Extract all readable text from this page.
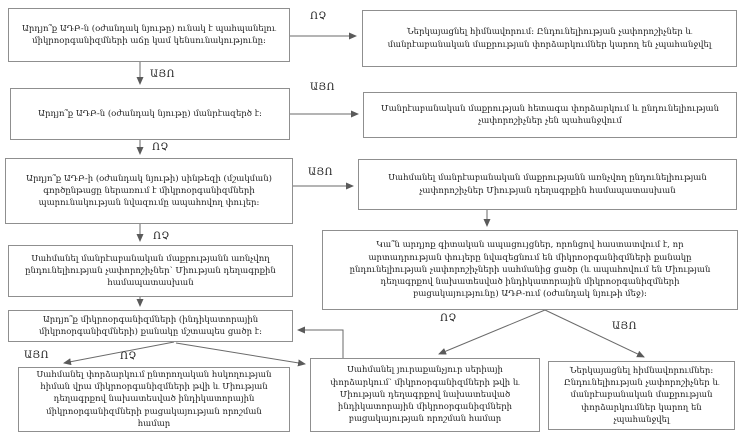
Արդյո՞ք ԱԴԲ-ն (օժանդակ նյութը) ունակ է պահպանելու միկրոօրգանիզմների աճը կամ կենսունակությունը:
Ներկայացնել հիմնավորում: Ընդունելիության չափորոշիչներ և մանրէաբանական մաքրության փորձարկումներ կարող են չպահանջվել
Արդյո՞ք ԱԴԲ-ն (օժանդակ նյութը) մանրէազերծ է:
Մանրէաբանական մաքրության հետագա փորձարկում և ընդունելիության չափորոշիչներ չեն պահանջվում
Արդյո՞ք ԱԴԲ-ի (օժանդակ նյութի) սինթեզի (մշակման) գործընթացը ներառում է միկրոօրգանիզմների պարունակության նվազումը ապահովող փուլեր:
Սահմանել մանրէաբանական մաքրությանն առնչվող ընդունելիության չափորոշիչներ Միության դեղագրքին համապատասխան
Սահմանել մանրէաբանական մաքրությանն առնչվող ընդունելիության չափորոշիչներ՝ Միության դեղագրքին համապատասխան
Կա՞ն արդյոք գիտական ապացույցներ, որոնցով հաստատվում է, որ արտադրության փուլերը նվազեցնում են միկրոօրգանիզմների քանակը ընդունելիության չափորոշիչների սահմանից ցածր (և ապահովում են Միության դեղագրքով նախատեսված ինդիկատորային միկրոօրգանիզմների բացակայությունը) ԱԴԲ-ում (օժանդակ նյութի մեջ):
Արդյո՞ք միկրոօրգանիզմների (ինդիկատորային միկրոօրգանիզմների) քանակը մշտապես ցածր է:
Սահմանել փորձարկում ընտրողական հսկողության հիման վրա միկրոօրգանիզմների թվի և Միության դեղագրքով նախատեսված ինդիկատորային միկրոօրգանիզմների բացակայության որոշման համար
Սահմանել յուրաքանչյուր սերիայի փորձարկում՝ միկրոօրգանիզմների թվի և Միության դեղագրքով նախատեսված ինդիկատորային միկրոօրգանիզմների բացակայության որոշման համար
Ներկայացնել հիմնավորումներ: Ընդունելիության չափորոշիչներ և մանրէաբանական մաքրության փորձարկումներ կարող են չպահանջվել
ՈՉ
ԱՅՈ
ԱՅՈ
ՈՉ
ԱՅՈ
ՈՉ
ՈՉ
ԱՅՈ
ԱՅՈ	ՈՉ
